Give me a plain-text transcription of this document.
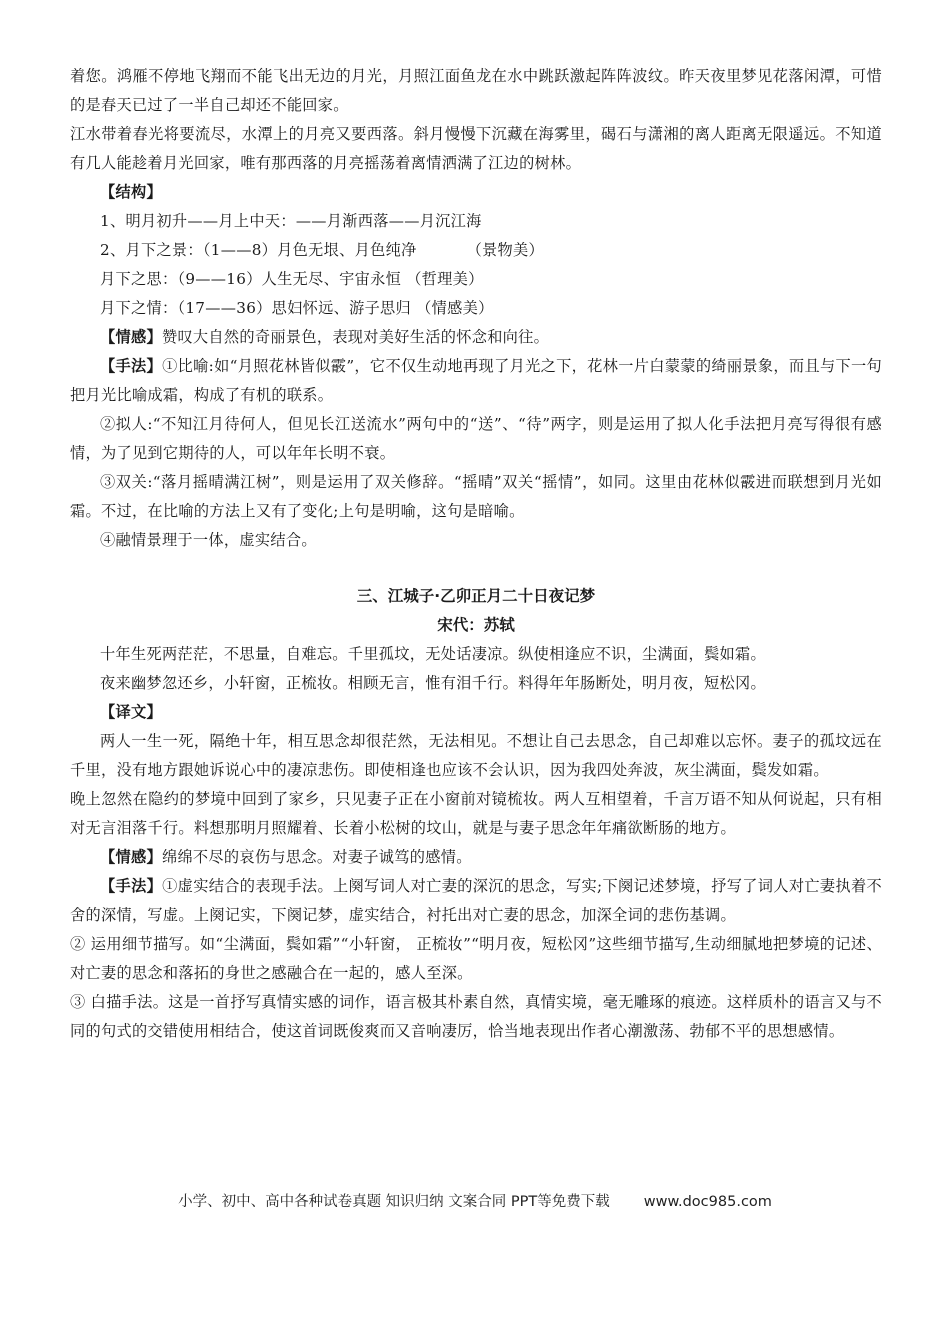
着您。鸿雁不停地飞翔而不能飞出无边的月光，月照江面鱼龙在水中跳跃激起阵阵波纹。昨天夜里梦见花落闲潭，可惜的是春天已过了一半自己却还不能回家。

江水带着春光将要流尽，水潭上的月亮又要西落。斜月慢慢下沉藏在海雾里，碣石与潇湘的离人距离无限遥远。不知道有几人能趁着月光回家，唯有那西落的月亮摇荡着离情洒满了江边的树林。

【结构】

1、明月初升——月上中天：——月渐西落——月沉江海

2、月下之景：（1——8）月色无垠、月色纯净	（景物美）

月下之思：（9——16）人生无尽、宇宙永恒 （哲理美）

月下之情：（17——36）思妇怀远、游子思归 （情感美）

【情感】赞叹大自然的奇丽景色，表现对美好生活的怀念和向往。

【手法】①比喻:如“月照花林皆似霰”，它不仅生动地再现了月光之下，花林一片白蒙蒙的绮丽景象，而且与下一句把月光比喻成霜，构成了有机的联系。

②拟人:“不知江月待何人，但见长江送流水”两句中的“送”、“待”两字，则是运用了拟人化手法把月亮写得很有感情，为了见到它期待的人，可以年年长明不衰。

③双关:“落月摇晴满江树”，则是运用了双关修辞。“摇晴”双关“摇情”，如同。这里由花林似霰进而联想到月光如霜。不过，在比喻的方法上又有了变化;上句是明喻，这句是暗喻。

④融情景理于一体，虚实结合。

三、江城子·乙卯正月二十日夜记梦

宋代：苏轼

十年生死两茫茫，不思量，自难忘。千里孤坟，无处话凄凉。纵使相逢应不识，尘满面，鬓如霜。

夜来幽梦忽还乡，小轩窗，正梳妆。相顾无言，惟有泪千行。料得年年肠断处，明月夜，短松冈。

【译文】

两人一生一死，隔绝十年，相互思念却很茫然，无法相见。不想让自己去思念，自己却难以忘怀。妻子的孤坟远在千里，没有地方跟她诉说心中的凄凉悲伤。即使相逢也应该不会认识，因为我四处奔波，灰尘满面，鬓发如霜。

晚上忽然在隐约的梦境中回到了家乡，只见妻子正在小窗前对镜梳妆。两人互相望着，千言万语不知从何说起，只有相对无言泪落千行。料想那明月照耀着、长着小松树的坟山，就是与妻子思念年年痛欲断肠的地方。

【情感】绵绵不尽的哀伤与思念。对妻子诚笃的感情。

【手法】①虚实结合的表现手法。上阕写词人对亡妻的深沉的思念，写实;下阕记述梦境，抒写了词人对亡妻执着不舍的深情，写虚。上阕记实，下阕记梦，虚实结合，衬托出对亡妻的思念，加深全词的悲伤基调。

② 运用细节描写。如“尘满面，鬓如霜”“小轩窗， 正梳妆”“明月夜，短松冈”这些细节描写,生动细腻地把梦境的记述、对亡妻的思念和落拓的身世之感融合在一起的，感人至深。

③ 白描手法。这是一首抒写真情实感的词作，语言极其朴素自然，真情实境，毫无雕琢的痕迹。这样质朴的语言又与不同的句式的交错使用相结合，使这首词既俊爽而又音响凄厉，恰当地表现出作者心潮激荡、勃郁不平的思想感情。

小学、初中、高中各种试卷真题 知识归纳 文案合同 PPT等免费下载 www.doc985.com
